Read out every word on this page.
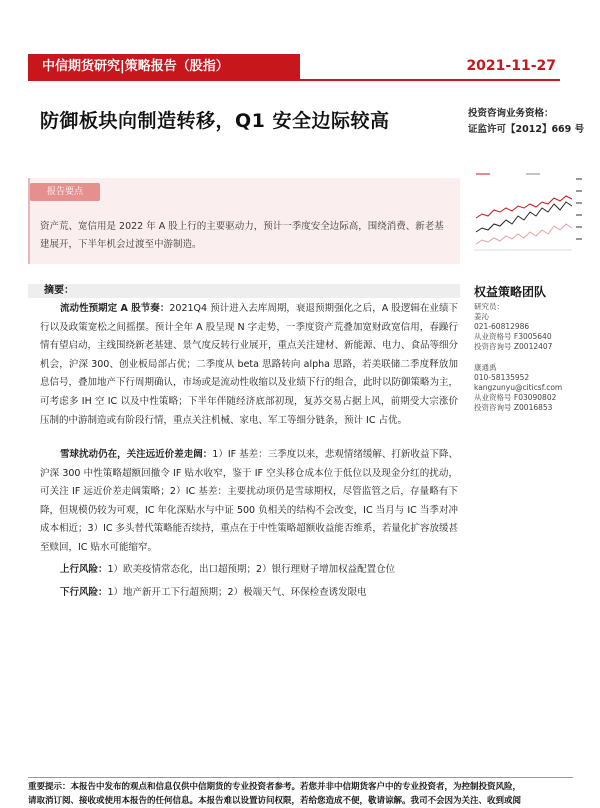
中信期货研究|策略报告（股指）	2021-11-27
防御板块向制造转移，Q1 安全边际较高	投资咨询业务资格：
证监许可【2012】669 号
报告要点
资产荒、宽信用是 2022 年 A 股上行的主要驱动力，预计一季度安全边际高，围绕消费、新老基建展开，下半年机会过渡至中游制造。
摘要：
流动性预期定 A 股节奏：2021Q4 预计进入去库周期，衰退预期强化之后，A 股逻辑在业绩下行以及政策宽松之间摇摆。预计全年 A 股呈现 N 字走势，一季度资产荒叠加宽财政宽信用，春躁行情有望启动，主线围绕新老基建、景气度反转行业展开，重点关注建材、新能源、电力、食品等细分机会，沪深 300、创业板局部占优；二季度从 beta 思路转向 alpha 思路，若美联储二季度释放加息信号，叠加地产下行周期确认，市场或是流动性收缩以及业绩下行的组合，此时以防御策略为主，可考虑多 IH 空 IC 以及中性策略；下半年伴随经济底部初现，复苏交易占据上风，前期受大宗涨价压制的中游制造或有阶段行情，重点关注机械、家电、军工等细分链条，预计 IC 占优。
雪球扰动仍在，关注远近价差走阔：1）IF 基差：三季度以来，悲观情绪缓解、打新收益下降、沪深 300 中性策略超额回撤令 IF 贴水收窄，鉴于 IF 空头移仓成本位于低位以及现金分红的扰动，可关注 IF 远近价差走阔策略；2）IC 基差：主要扰动项仍是雪球期权，尽管监管之后，存量略有下降，但规模仍较为可观，IC 年化深贴水与中证 500 负相关的结构不会改变，IC 当月与 IC 当季对冲成本相近；3）IC 多头替代策略能否续持，重点在于中性策略超额收益能否维系，若量化扩容放缓甚至赎回，IC 贴水可能缩窄。
上行风险：1）欧美疫情常态化，出口超预期；2）银行理财子增加权益配置仓位
下行风险：1）地产新开工下行超预期；2）极端天气、环保检查诱发限电
权益策略团队
研究员：
姜沁
021-60812986
从业资格号 F3005640
投资咨询号 Z0012407
康通禹
010-58135952
kangzunyu@citicsf.com
从业资格号 F03090802
投资咨询号 Z0016853
重要提示：本报告中发布的观点和信息仅供中信期货的专业投资者参考。若您并非中信期货客户中的专业投资者，为控制投资风险，
请取消订阅、接收或使用本报告的任何信息。本报告难以设置访问权限，若给您造成不便，敬请谅解。我司不会因为关注、收到或阅
